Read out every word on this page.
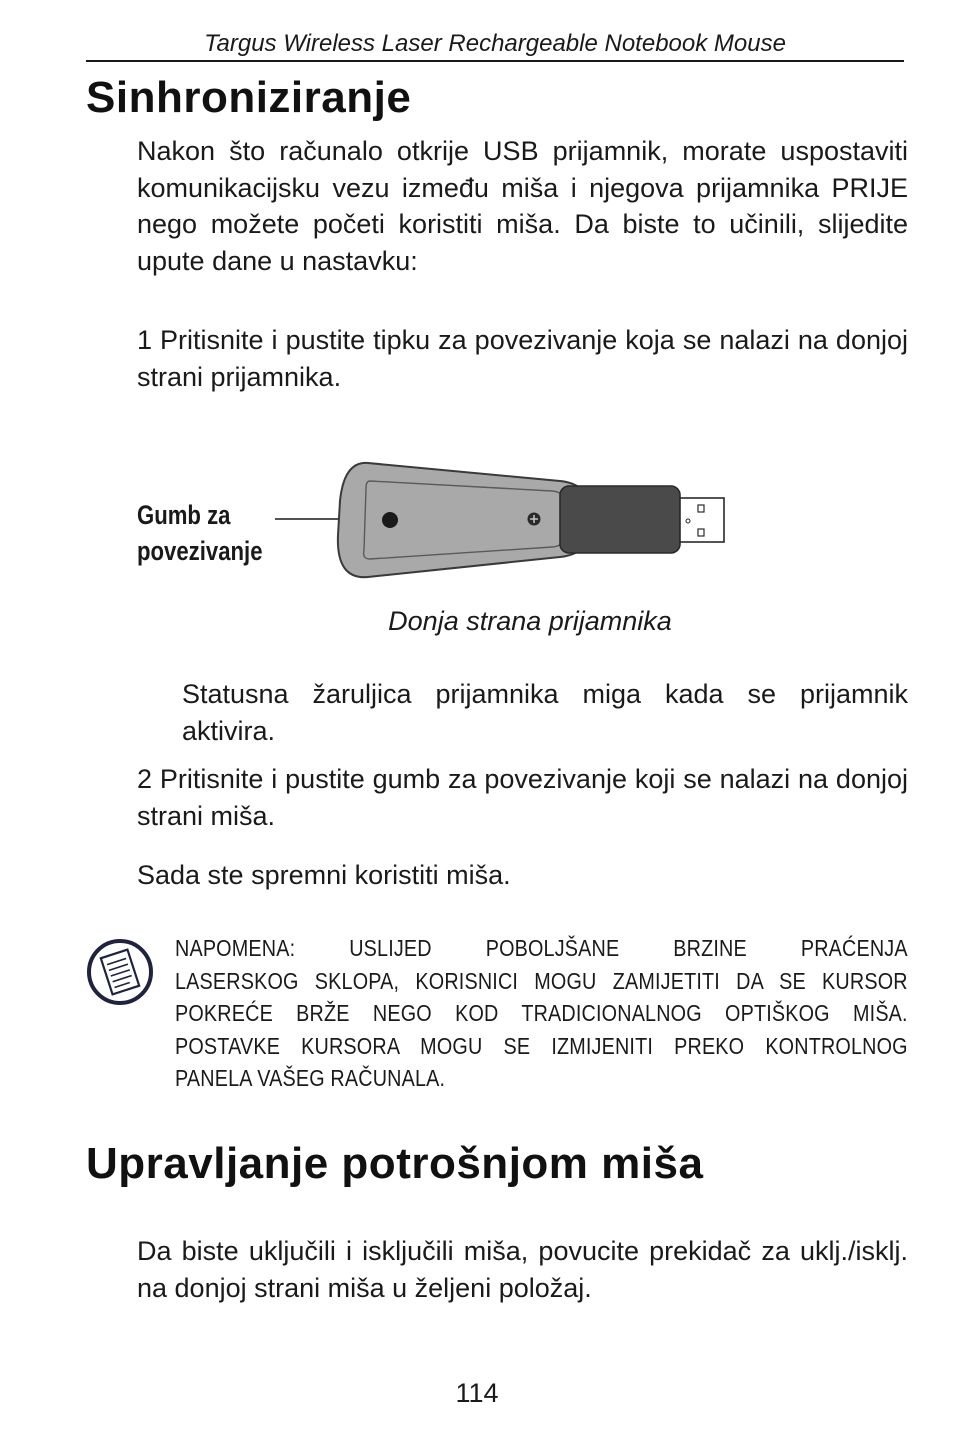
Targus Wireless Laser Rechargeable Notebook Mouse
Sinhroniziranje
Nakon što računalo otkrije USB prijamnik, morate uspostaviti komunikacijsku vezu između miša i njegova prijamnika PRIJE nego možete početi koristiti miša. Da biste to učinili, slijedite upute dane u nastavku:
1 Pritisnite i pustite tipku za povezivanje koja se nalazi na donjoj strani prijamnika.
Gumb za
povezivanje
Donja strana prijamnika
Statusna žaruljica prijamnika miga kada se prijamnik aktivira.
2 Pritisnite i pustite gumb za povezivanje koji se nalazi na donjoj strani miša.
Sada ste spremni koristiti miša.
NAPOMENA: USLIJED POBOLJŠANE BRZINE PRAĆENJA
LASERSKOG SKLOPA, KORISNICI MOGU ZAMIJETITI DA SE KURSOR
POKREĆE BRŽE NEGO KOD TRADICIONALNOG OPTIŠKOG MIŠA.
POSTAVKE KURSORA MOGU SE IZMIJENITI PREKO KONTROLNOG
PANELA VAŠEG RAČUNALA.
Upravljanje potrošnjom miša
Da biste uključili i isključili miša, povucite prekidač za uklj./isklj. na donjoj strani miša u željeni položaj.
114
